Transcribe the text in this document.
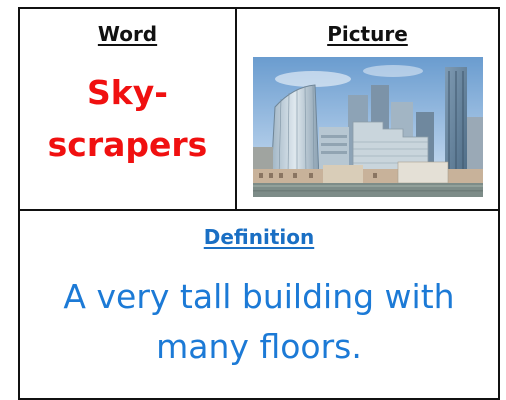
Word	Picture
Sky-
scrapers
Definition
A very tall building with many floors.
